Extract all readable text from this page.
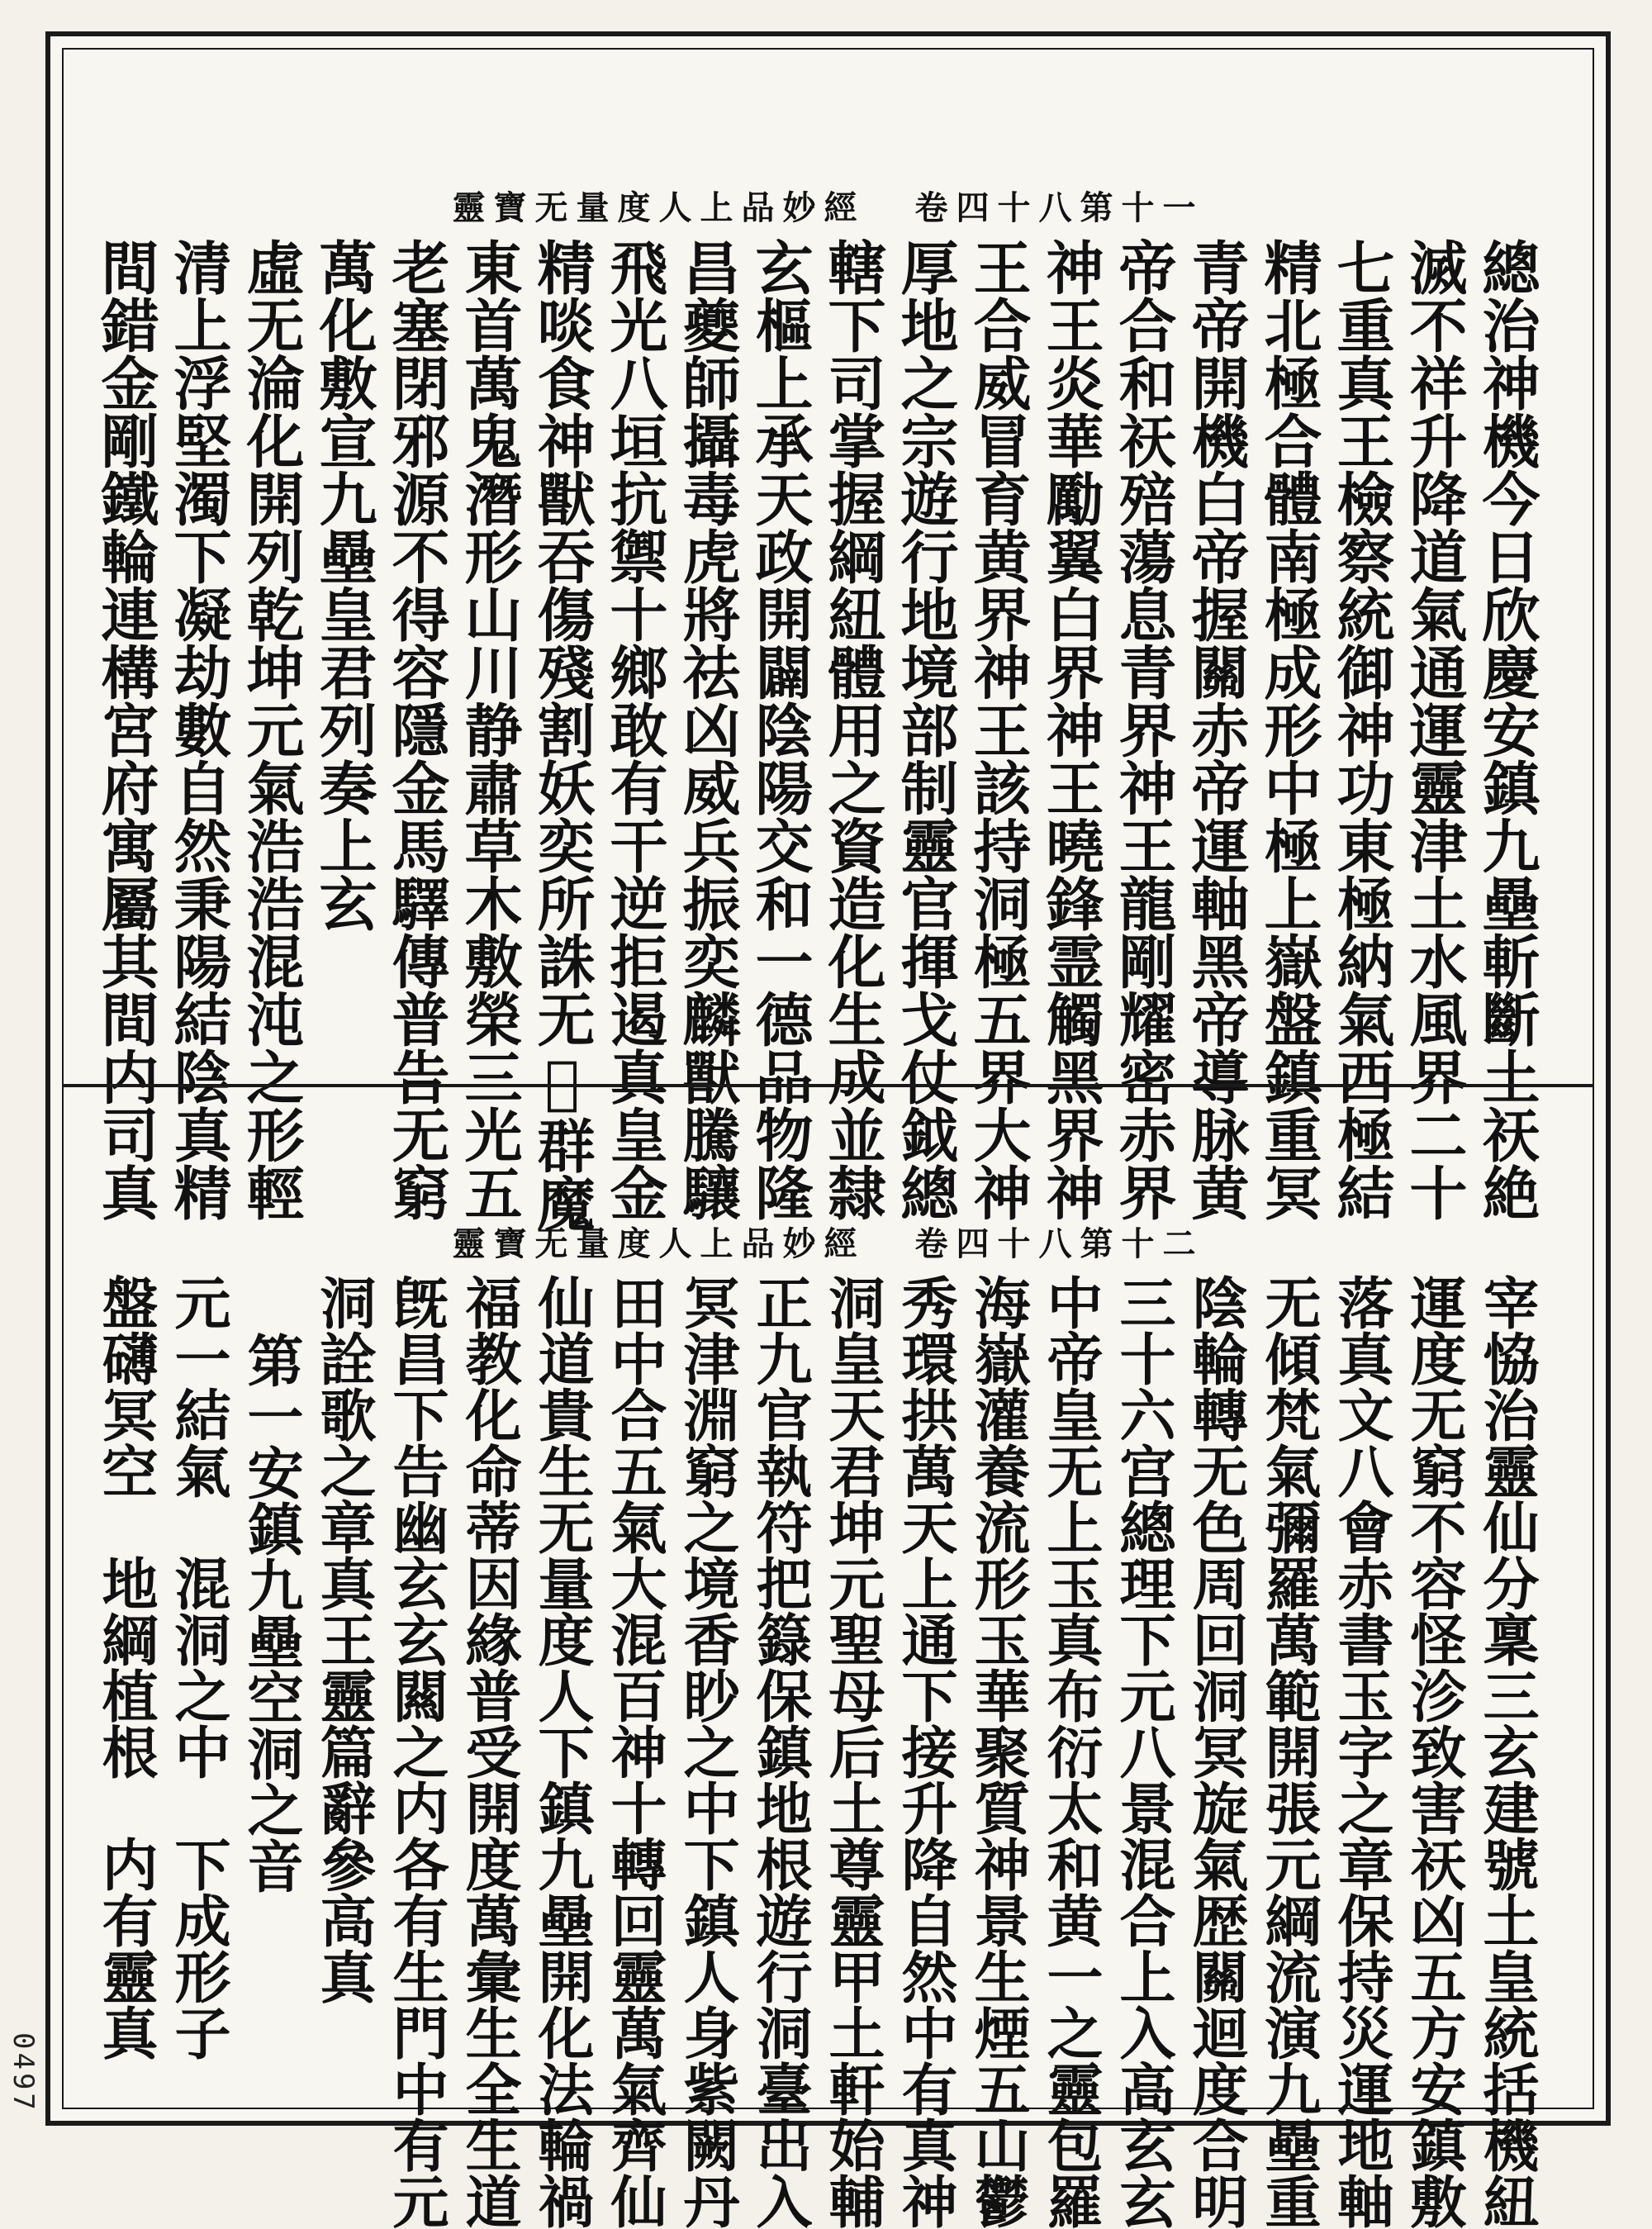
靈寶无量度人上品妙經 卷四十八第十一
總治神機今日欣慶安鎮九壘斬斷土祆絶
滅不祥升降道氣通運靈津土水風界二十
七重真王檢察統御神功東極納氣西極結
精北極合體南極成形中極上嶽盤鎮重冥
青帝開機白帝握關赤帝運軸黑帝導脉黄
帝合和祆殕蕩息青界神王龍剛耀密赤界
神王炎華勵翼白界神王曉鋒霊觸黑界神
王合威冒育黄界神王該持洞極五界大神
厚地之宗遊行地境部制靈官揮戈仗鉞總
轄下司掌握綱紐體用之資造化生成並隸
玄樞上承天政開闢陰陽交和一德品物隆
昌夔師攝毒虎將祛凶威兵振奕麟獸騰驤
飛光八垣抗禦十鄉敢有干逆拒遏真皇金
精啖食神獸吞傷殘割妖奕所誅无𩯙群魔
東首萬鬼潛形山川静肅草木敷榮三光五
老塞閉邪源不得容隱金馬驛傳普告无窮
萬化敷宣九壘皇君列奏上玄
虛无淪化開列乾坤元氣浩浩混沌之形輕
清上浮堅濁下凝劫數自然秉陽結陰真精
間錯金剛鐵輪連構宮府寓屬其間内司真
靈寶无量度人上品妙經 卷四十八第十二
宰恊治靈仙分稟三玄建號土皇統括機紐
運度无窮不容怪沴致害祆凶五方安鎮敷
落真文八會赤書玉字之章保持災運地軸
无傾梵氣彌羅萬範開張元綱流演九壘重
陰輪轉无色周回洞冥旋氣歴關迴度合明
三十六宫總理下元八景混合上入高玄玄
中帝皇无上玉真布衍太和黄一之靈包羅
海嶽灌養流形玉華聚質神景生煙五山鬱
秀環拱萬天上通下接升降自然中有真神
洞皇天君坤元聖母后土尊靈甲土軒始輔
正九官執符把籙保鎮地根遊行洞臺出入
冥津淵窮之境香眇之中下鎮人身紫闕丹
田中合五氣大混百神十轉回靈萬氣齊仙
仙道貴生无量度人下鎮九壘開化法輪禍
福教化命蒂因緣普受開度萬彙生全生道
旣昌下告幽玄玄闗之内各有生門中有元
洞詮歌之章真王靈篇辭參高真
第一安鎮九壘空洞之音
元一結氣　混洞之中　下成形子
盤礴冥空　地綱植根　内有靈真
0497
